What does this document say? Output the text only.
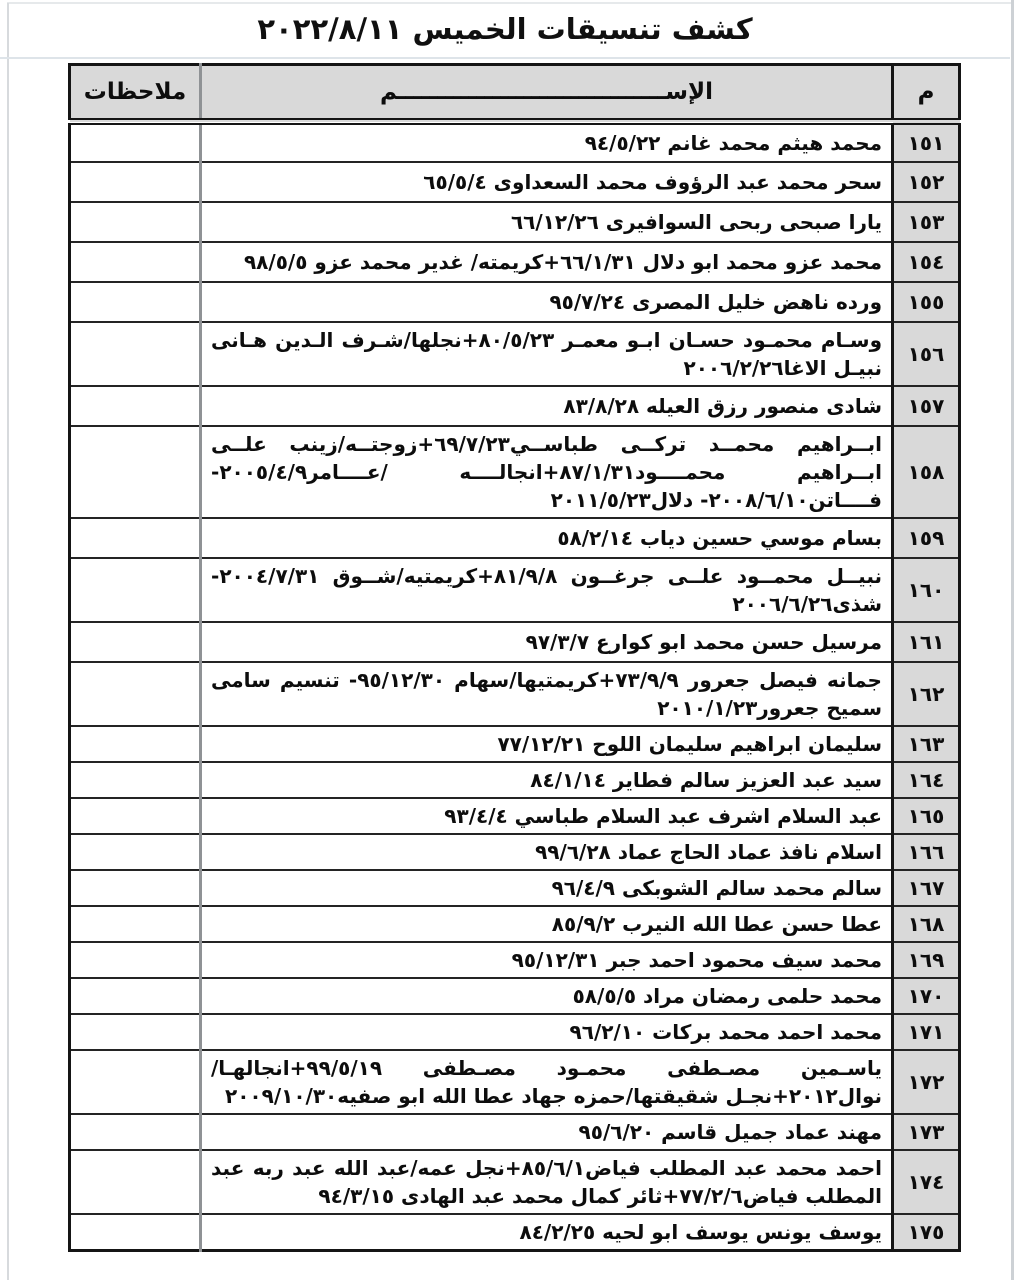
كشف تنسيقات الخميس ٢٠٢٢/٨/١١
م	الإســــــــــــــــــــــــــــــــــم	ملاحظات
١٥١	محمد هيثم محمد غانم ٩٤/٥/٢٢	
١٥٢	سحر محمد عبد الرؤوف محمد السعداوى ٦٥/٥/٤	
١٥٣	يارا صبحى ربحى السوافيرى ٦٦/١٢/٢٦	
١٥٤	محمد عزو محمد ابو دلال ٦٦/١/٣١+كريمته/ غدير محمد عزو ٩٨/٥/٥	
١٥٥	ورده ناهض خليل المصرى ٩٥/٧/٢٤	
١٥٦	وسـام محمـود حسـان ابـو معمـر ٨٠/٥/٢٣+نجلها/شـرف الـدين هـانى نبيـل الاغا٢٠٠٦/٢/٢٦	
١٥٧	شادى منصور رزق العيله ٨٣/٨/٢٨	
١٥٨	ابــراهيم محمــد تركــى طباســي٦٩/٧/٢٣+زوجتــه/زينب علــى ابــراهيم محمــــود٨٧/١/٣١+انجالــــه /عــــامر٢٠٠٥/٤/٩- فــــاتن٢٠٠٨/٦/١٠- دلال٢٠١١/٥/٢٣	
١٥٩	بسام موسي حسين دياب ٥٨/٢/١٤	
١٦٠	نبيــل محمــود علــى جرغــون ٨١/٩/٨+كريمتيه/شــوق ٢٠٠٤/٧/٣١- شذى٢٠٠٦/٦/٢٦	
١٦١	مرسيل حسن محمد ابو كوارع ٩٧/٣/٧	
١٦٢	جمانه فيصل جعرور ٧٣/٩/٩+كريمتيها/سهام ٩٥/١٢/٣٠- تنسيم سامى سميح جعرور٢٠١٠/١/٢٣	
١٦٣	سليمان ابراهيم سليمان اللوح ٧٧/١٢/٢١	
١٦٤	سيد عبد العزيز سالم فطاير ٨٤/١/١٤	
١٦٥	عبد السلام اشرف عبد السلام طباسي ٩٣/٤/٤	
١٦٦	اسلام نافذ عماد الحاج عماد ٩٩/٦/٢٨	
١٦٧	سالم محمد سالم الشوبكى ٩٦/٤/٩	
١٦٨	عطا حسن عطا الله النيرب ٨٥/٩/٢	
١٦٩	محمد سيف محمود احمد جبر ٩٥/١٢/٣١	
١٧٠	محمد حلمى رمضان مراد ٥٨/٥/٥	
١٧١	محمد احمد محمد بركات ٩٦/٢/١٠	
١٧٢	ياسـمين مصـطفى محمـود مصـطفى ٩٩/٥/١٩+انجالهـا/نوال٢٠١٢+نجـل شقيقتها/حمزه جهاد عطا الله ابو صفيه٢٠٠٩/١٠/٣٠	
١٧٣	مهند عماد جميل قاسم ٩٥/٦/٢٠	
١٧٤	احمد محمد عبد المطلب فياض٨٥/٦/١+نجل عمه/عبد الله عبد ربه عبد المطلب فياض٧٧/٢/٦+ثائر كمال محمد عبد الهادى ٩٤/٣/١٥	
١٧٥	يوسف يونس يوسف ابو لحيه ٨٤/٢/٢٥	
